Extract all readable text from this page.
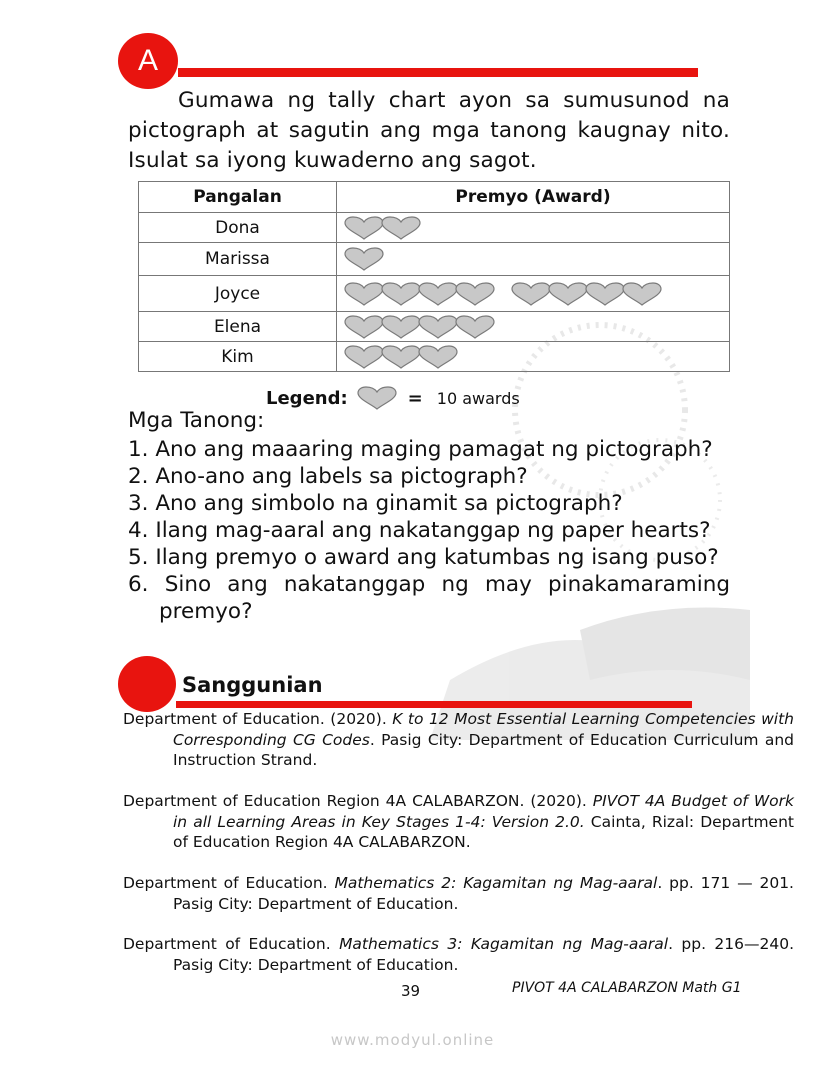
A
Gumawa ng tally chart ayon sa sumusunod na pictograph at sagutin ang mga tanong kaugnay nito. Isulat sa iyong kuwaderno ang sagot.
Pangalan	Premyo (Award)
Dona	

Marissa	

Joyce	

Elena	

Kim	
Legend:	= 10 awards
Mga Tanong:
1. Ano ang maaaring maging pamagat ng pictograph?
2. Ano-ano ang labels sa pictograph?
3. Ano ang simbolo na ginamit sa pictograph?
4. Ilang mag-aaral ang nakatanggap ng paper hearts?
5. Ilang premyo o award ang katumbas ng isang puso?
6. Sino ang nakatanggap ng may pinakamaraming premyo?
Sanggunian
Department of Education. (2020). K to 12 Most Essential Learning Competencies with Corresponding CG Codes. Pasig City: Department of Education Curriculum and Instruction Strand.
Department of Education Region 4A CALABARZON. (2020). PIVOT 4A Budget of Work in all Learning Areas in Key Stages 1-4: Version 2.0. Cainta, Rizal: Department of Education Region 4A CALABARZON.
Department of Education. Mathematics 2: Kagamitan ng Mag-aaral. pp. 171 — 201. Pasig City: Department of Education.
Department of Education. Mathematics 3: Kagamitan ng Mag-aaral. pp. 216—240. Pasig City: Department of Education.
39	PIVOT 4A CALABARZON Math G1
www.modyul.online
